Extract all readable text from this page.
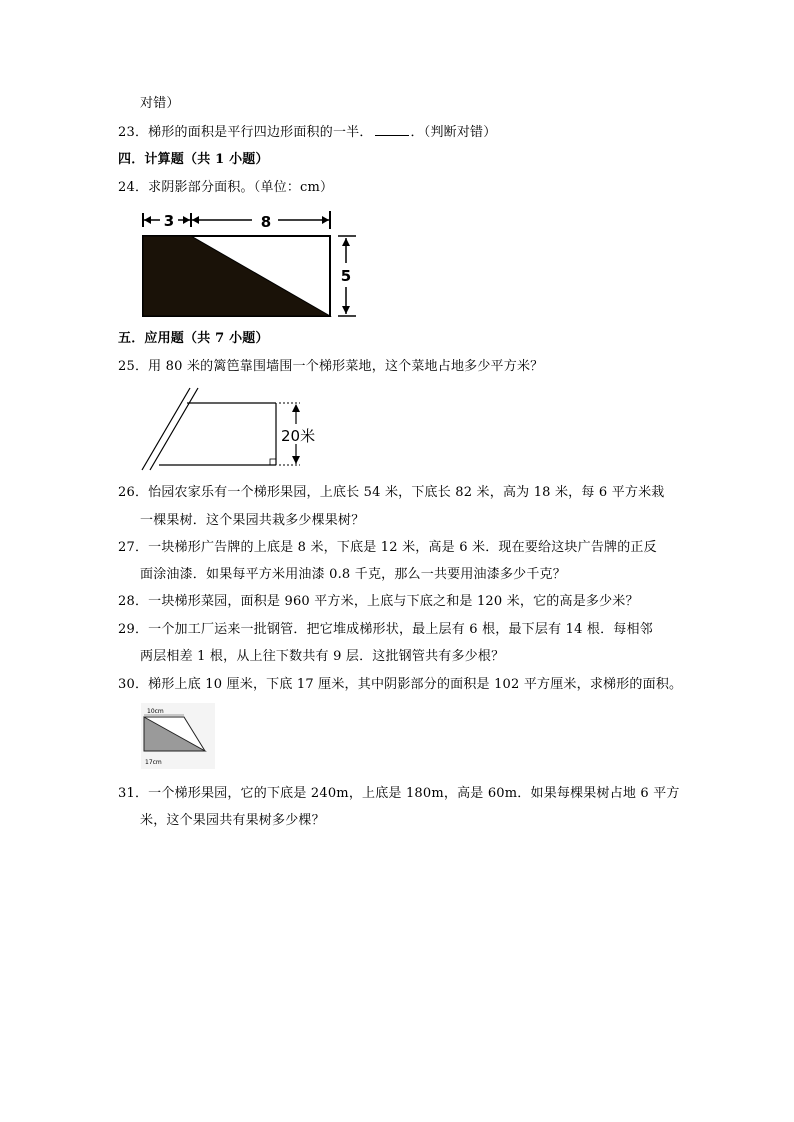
对错）
23．梯形的面积是平行四边形面积的一半．	．（判断对错）
四．计算题（共 1 小题）
24．求阴影部分面积。（单位：cm）
3	8
5
五．应用题（共 7 小题）
25．用 80 米的篱笆靠围墙围一个梯形菜地，这个菜地占地多少平方米？
20米
26．怡园农家乐有一个梯形果园，上底长 54 米，下底长 82 米，高为 18 米，每 6 平方米栽
一棵果树．这个果园共栽多少棵果树？
27．一块梯形广告牌的上底是 8 米，下底是 12 米，高是 6 米．现在要给这块广告牌的正反
面涂油漆．如果每平方米用油漆 0.8 千克，那么一共要用油漆多少千克？
28．一块梯形菜园，面积是 960 平方米，上底与下底之和是 120 米，它的高是多少米？
29．一个加工厂运来一批钢管．把它堆成梯形状，最上层有 6 根，最下层有 14 根．每相邻
两层相差 1 根，从上往下数共有 9 层．这批钢管共有多少根？
30．梯形上底 10 厘米，下底 17 厘米，其中阴影部分的面积是 102 平方厘米，求梯形的面积。
10cm
17cm
31．一个梯形果园，它的下底是 240m，上底是 180m，高是 60m．如果每棵果树占地 6 平方
米，这个果园共有果树多少棵？
